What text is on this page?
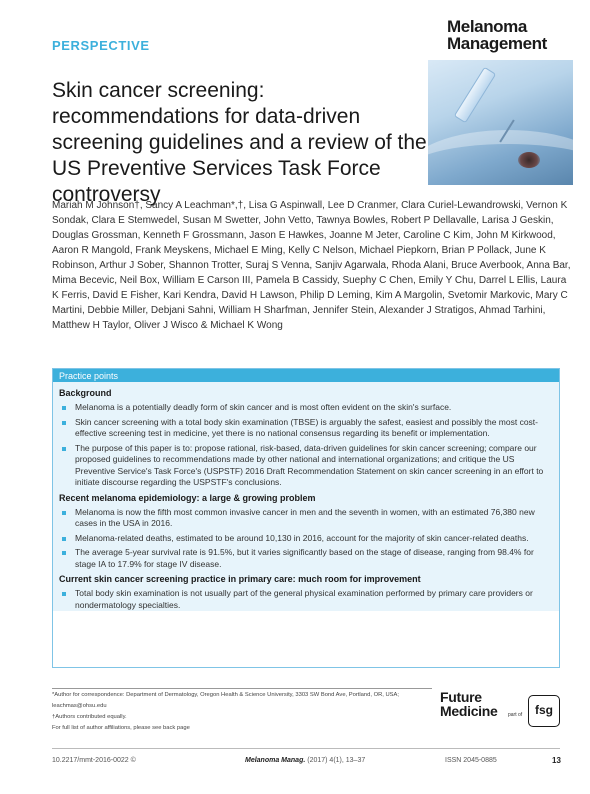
PERSPECTIVE
Melanoma
Management
Skin cancer screening: recommendations for data-driven screening guidelines and a review of the US Preventive Services Task Force controversy

Mariah M Johnson†, Sancy A Leachman*,†, Lisa G Aspinwall, Lee D Cranmer, Clara Curiel-Lewandrowski, Vernon K Sondak, Clara E Stemwedel, Susan M Swetter, John Vetto, Tawnya Bowles, Robert P Dellavalle, Larisa J Geskin, Douglas Grossman, Kenneth F Grossmann, Jason E Hawkes, Joanne M Jeter, Caroline C Kim, John M Kirkwood, Aaron R Mangold, Frank Meyskens, Michael E Ming, Kelly C Nelson, Michael Piepkorn, Brian P Pollack, June K Robinson, Arthur J Sober, Shannon Trotter, Suraj S Venna, Sanjiv Agarwala, Rhoda Alani, Bruce Averbook, Anna Bar, Mima Becevic, Neil Box, William E Carson III, Pamela B Cassidy, Suephy C Chen, Emily Y Chu, Darrel L Ellis, Laura K Ferris, David E Fisher, Kari Kendra, David H Lawson, Philip D Leming, Kim A Margolin, Svetomir Markovic, Mary C Martini, Debbie Miller, Debjani Sahni, William H Sharfman, Jennifer Stein, Alexander J Stratigos, Ahmad Tarhini, Matthew H Taylor, Oliver J Wisco & Michael K Wong

Practice points
Background
Melanoma is a potentially deadly form of skin cancer and is most often evident on the skin's surface.
Skin cancer screening with a total body skin examination (TBSE) is arguably the safest, easiest and possibly the most cost-effective screening test in medicine, yet there is no national consensus regarding its benefit or implementation.
The purpose of this paper is to: propose rational, risk-based, data-driven guidelines for skin cancer screening; compare our proposed guidelines to recommendations made by other national and international organizations; and critique the US Preventive Service's Task Force's (USPSTF) 2016 Draft Recommendation Statement on skin cancer screening in an effort to initiate discourse regarding the USPSTF's conclusions.
Recent melanoma epidemiology: a large & growing problem
Melanoma is now the fifth most common invasive cancer in men and the seventh in women, with an estimated 76,380 new cases in the USA in 2016.
Melanoma-related deaths, estimated to be around 10,130 in 2016, account for the majority of skin cancer-related deaths.
The average 5-year survival rate is 91.5%, but it varies significantly based on the stage of disease, ranging from 98.4% for stage IA to 17.9% for stage IV disease.
Current skin cancer screening practice in primary care: much room for improvement
Total body skin examination is not usually part of the general physical examination performed by primary care providers or nondermatology specialties.
*Author for correspondence: Department of Dermatology, Oregon Health & Science University, 3303 SW Bond Ave, Portland, OR, USA;
leachmas@ohsu.edu
†Authors contributed equally.
For full list of author affiliations, please see back page
Future
Medicine part of	fsg
10.2217/mmt-2016-0022 ©	Melanoma Manag. (2017) 4(1), 13–37	ISSN 2045-0885	13
